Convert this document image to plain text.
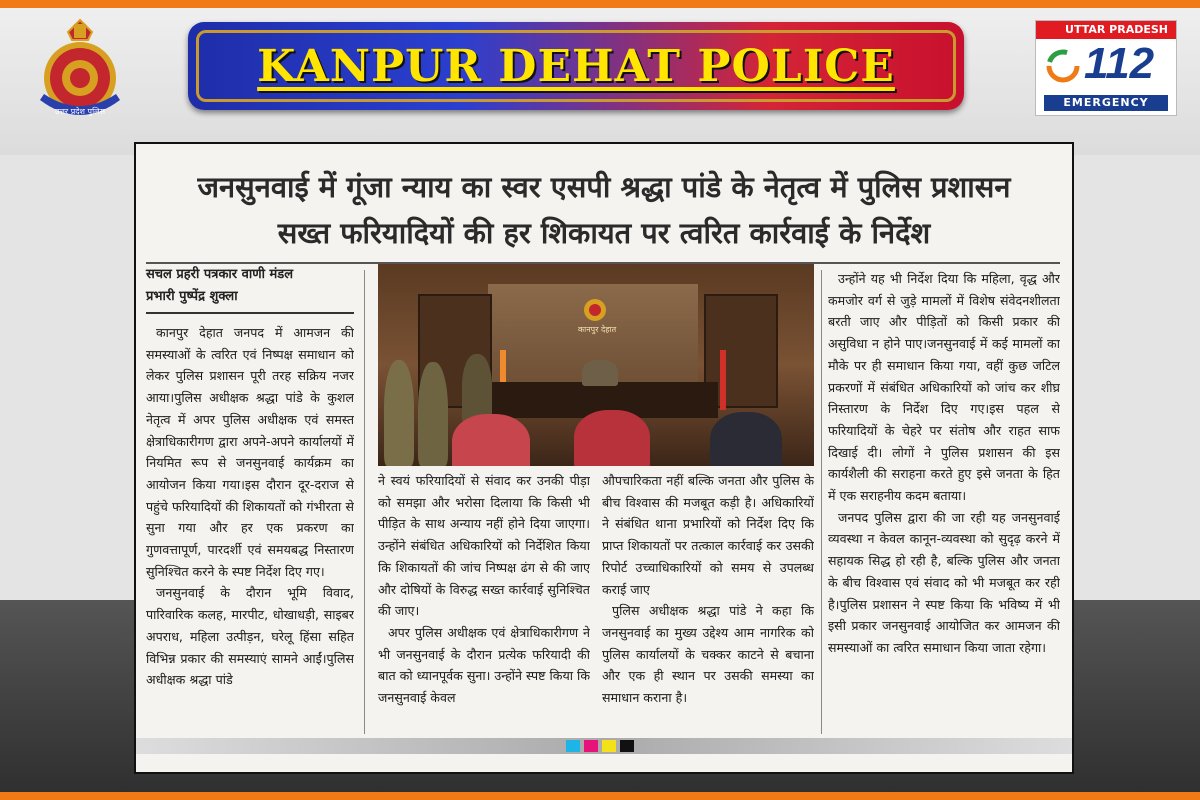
उत्तर प्रदेश पुलिस
KANPUR DEHAT POLICE
UTTAR PRADESH
112
EMERGENCY
जनसुनवाई में गूंजा न्याय का स्वर एसपी श्रद्धा पांडे के नेतृत्व में पुलिस प्रशासन
सख्त फरियादियों की हर शिकायत पर त्वरित कार्रवाई के निर्देश
सचल प्रहरी पत्रकार वाणी मंडल
प्रभारी पुष्पेंद्र शुक्ला

कानपुर देहात जनपद में आमजन की समस्याओं के त्वरित एवं निष्पक्ष समाधान को लेकर पुलिस प्रशासन पूरी तरह सक्रिय नजर आया।पुलिस अधीक्षक श्रद्धा पांडे के कुशल नेतृत्व में अपर पुलिस अधीक्षक एवं समस्त क्षेत्राधिकारीगण द्वारा अपने-अपने कार्यालयों में नियमित रूप से जनसुनवाई कार्यक्रम का आयोजन किया गया।इस दौरान दूर-दराज से पहुंचे फरियादियों की शिकायतों को गंभीरता से सुना गया और हर एक प्रकरण का गुणवत्तापूर्ण, पारदर्शी एवं समयबद्ध निस्तारण सुनिश्चित करने के स्पष्ट निर्देश दिए गए।

जनसुनवाई के दौरान भूमि विवाद, पारिवारिक कलह, मारपीट, धोखाधड़ी, साइबर अपराध, महिला उत्पीड़न, घरेलू हिंसा सहित विभिन्न प्रकार की समस्याएं सामने आईं।पुलिस अधीक्षक श्रद्धा पांडे

कानपुर देहात

ने स्वयं फरियादियों से संवाद कर उनकी पीड़ा को समझा और भरोसा दिलाया कि किसी भी पीड़ित के साथ अन्याय नहीं होने दिया जाएगा। उन्होंने संबंधित अधिकारियों को निर्देशित किया कि शिकायतों की जांच निष्पक्ष ढंग से की जाए और दोषियों के विरुद्ध सख्त कार्रवाई सुनिश्चित की जाए।

अपर पुलिस अधीक्षक एवं क्षेत्राधिकारीगण ने भी जनसुनवाई के दौरान प्रत्येक फरियादी की बात को ध्यानपूर्वक सुना। उन्होंने स्पष्ट किया कि जनसुनवाई केवल

औपचारिकता नहीं बल्कि जनता और पुलिस के बीच विश्वास की मजबूत कड़ी है। अधिकारियों ने संबंधित थाना प्रभारियों को निर्देश दिए कि प्राप्त शिकायतों पर तत्काल कार्रवाई कर उसकी रिपोर्ट उच्चाधिकारियों को समय से उपलब्ध कराई जाए

पुलिस अधीक्षक श्रद्धा पांडे ने कहा कि जनसुनवाई का मुख्य उद्देश्य आम नागरिक को पुलिस कार्यालयों के चक्कर काटने से बचाना और एक ही स्थान पर उसकी समस्या का समाधान कराना है।

उन्होंने यह भी निर्देश दिया कि महिला, वृद्ध और कमजोर वर्ग से जुड़े मामलों में विशेष संवेदनशीलता बरती जाए और पीड़ितों को किसी प्रकार की असुविधा न होने पाए।जनसुनवाई में कई मामलों का मौके पर ही समाधान किया गया, वहीं कुछ जटिल प्रकरणों में संबंधित अधिकारियों को जांच कर शीघ्र निस्तारण के निर्देश दिए गए।इस पहल से फरियादियों के चेहरे पर संतोष और राहत साफ दिखाई दी। लोगों ने पुलिस प्रशासन की इस कार्यशैली की सराहना करते हुए इसे जनता के हित में एक सराहनीय कदम बताया।

जनपद पुलिस द्वारा की जा रही यह जनसुनवाई व्यवस्था न केवल कानून-व्यवस्था को सुदृढ़ करने में सहायक सिद्ध हो रही है, बल्कि पुलिस और जनता के बीच विश्वास एवं संवाद को भी मजबूत कर रही है।पुलिस प्रशासन ने स्पष्ट किया कि भविष्य में भी इसी प्रकार जनसुनवाई आयोजित कर आमजन की समस्याओं का त्वरित समाधान किया जाता रहेगा।
